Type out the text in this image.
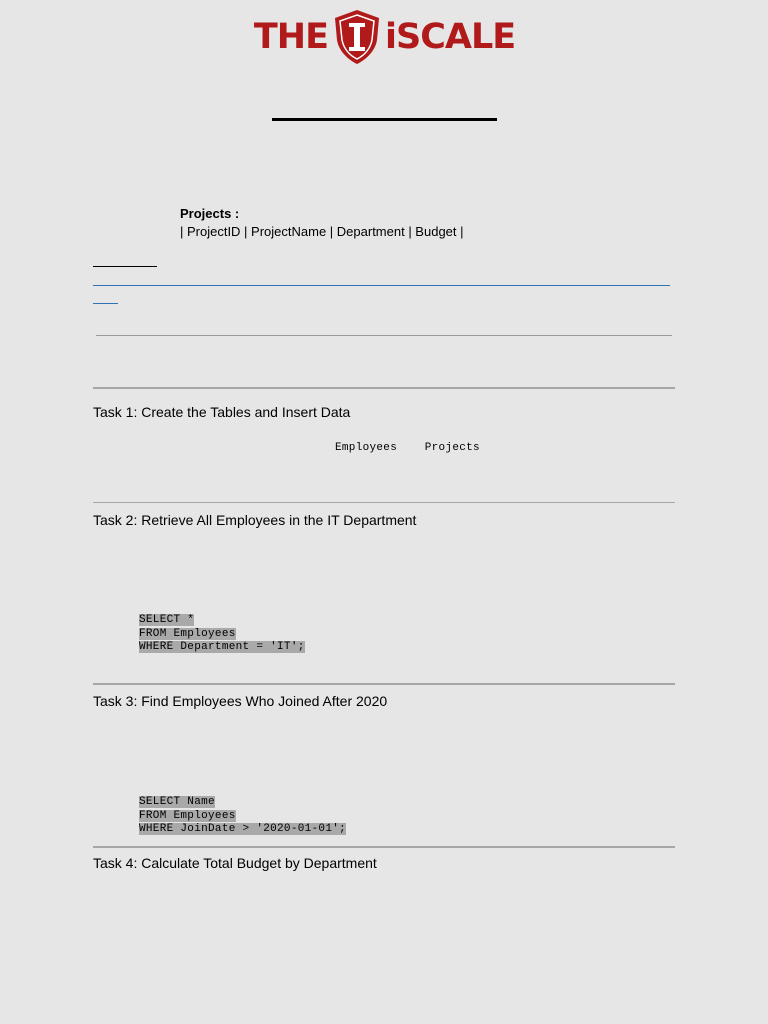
THE iSCALE
Projects :
| ProjectID | ProjectName | Department | Budget |
Task 1: Create the Tables and Insert Data
Employees    Projects
Task 2: Retrieve All Employees in the IT Department
SELECT *
FROM Employees
WHERE Department = 'IT';
Task 3: Find Employees Who Joined After 2020
SELECT Name
FROM Employees
WHERE JoinDate > '2020-01-01';
Task 4: Calculate Total Budget by Department
